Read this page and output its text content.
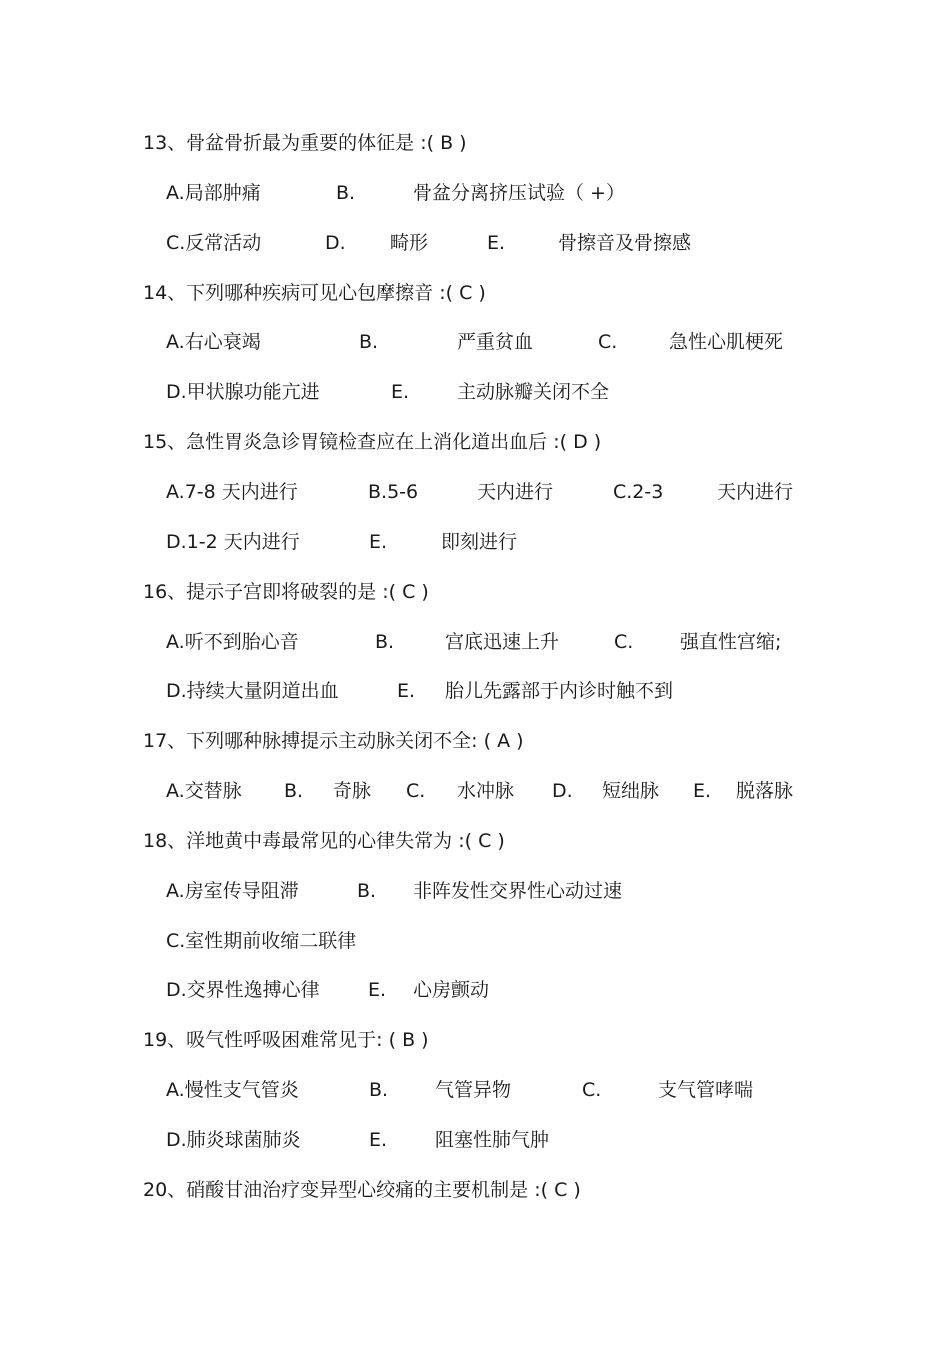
13、骨盆骨折最为重要的体征是 :( B )
A.局部肿痛	B.	骨盆分离挤压试验（ +）
C.反常活动	D. 畸形	E.	骨擦音及骨擦感
14、下列哪种疾病可见心包摩擦音 :( C )
A.右心衰竭	B.	严重贫血	C.	急性心肌梗死
D.甲状腺功能亢进	E.	主动脉瓣关闭不全
15、急性胃炎急诊胃镜检查应在上消化道出血后 :( D )
A.7-8 天内进行	B.5-6	天内进行	C.2-3	天内进行
D.1-2 天内进行	E.	即刻进行
16、提示子宫即将破裂的是 :( C )
A.听不到胎心音	B.	宫底迅速上升	C. 强直性宫缩;
D.持续大量阴道出血	E. 胎儿先露部于内诊时触不到
17、下列哪种脉搏提示主动脉关闭不全: ( A )
A.交替脉 B. 奇脉 C. 水冲脉 D. 短绌脉 E. 脱落脉
18、洋地黄中毒最常见的心律失常为 :( C )
A.房室传导阻滞	B. 非阵发性交界性心动过速
C.室性期前收缩二联律
D.交界性逸搏心律	E. 心房颤动
19、吸气性呼吸困难常见于: ( B )
A.慢性支气管炎	B. 气管异物	C.	支气管哮喘
D.肺炎球菌肺炎	E.	阻塞性肺气肿
20、硝酸甘油治疗变异型心绞痛的主要机制是 :( C )
